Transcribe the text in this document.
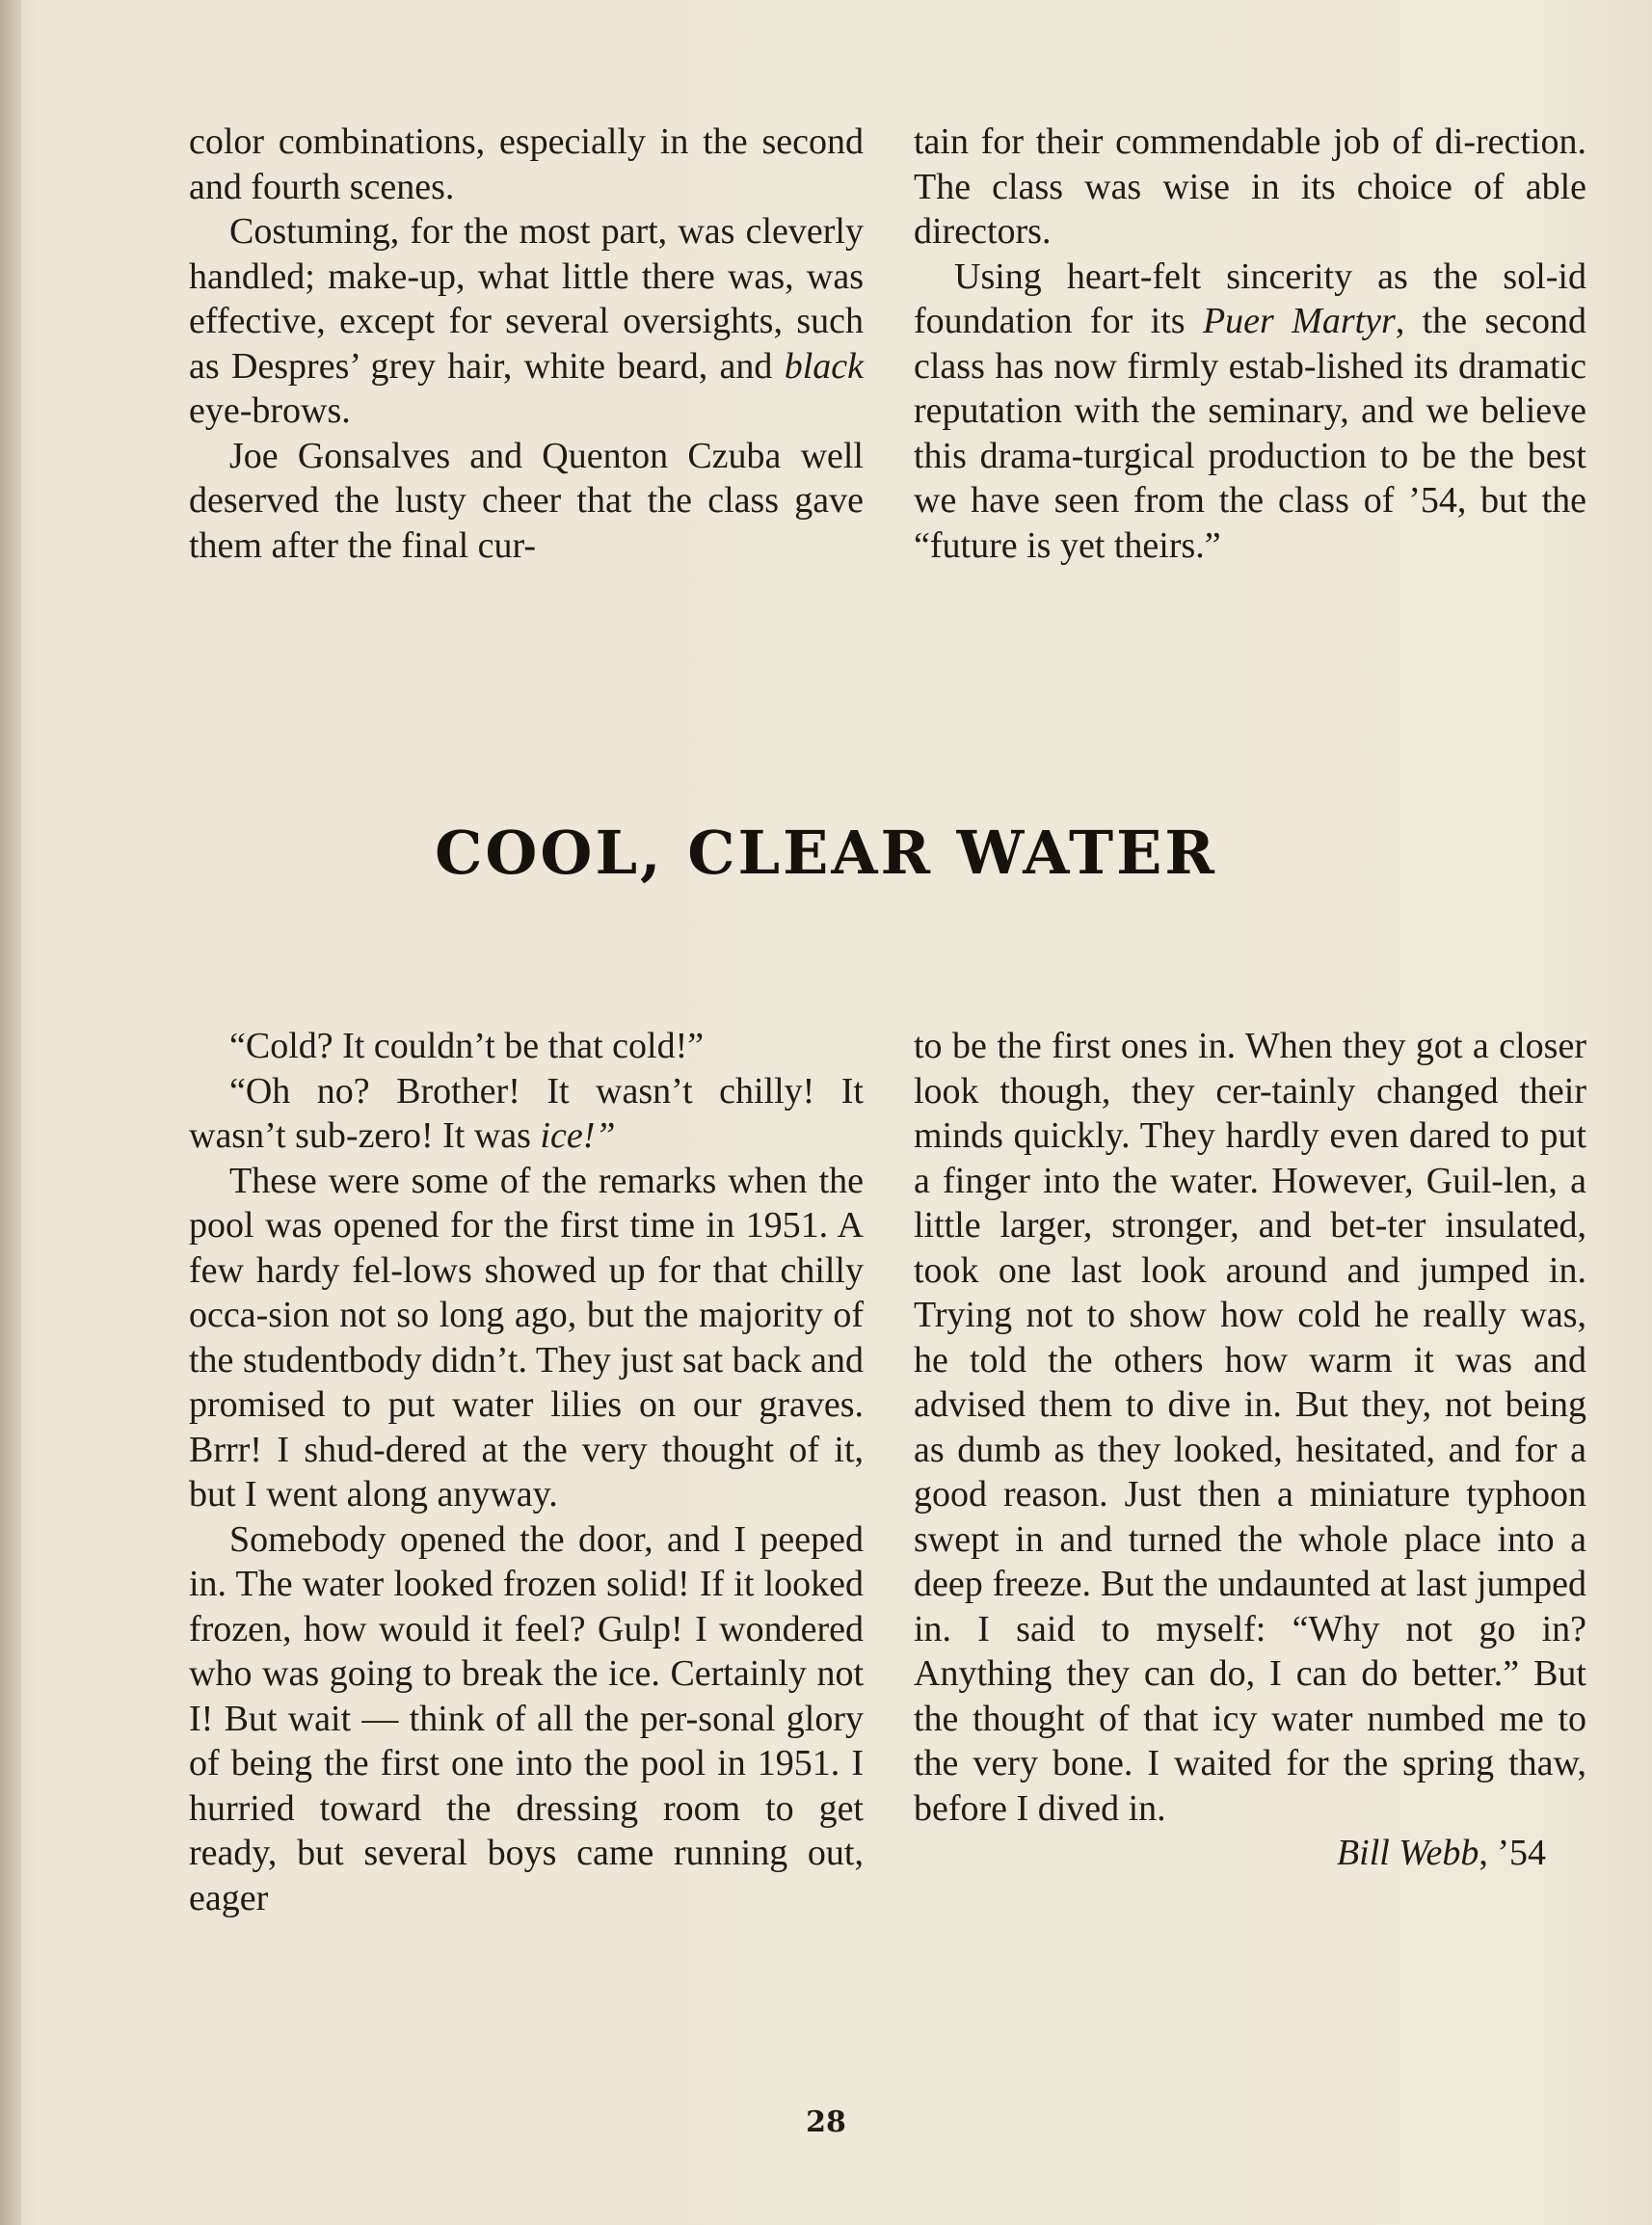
color combinations, especially in the second and fourth scenes.

Costuming, for the most part, was cleverly handled; make-up, what little there was, was effective, except for several oversights, such as Despres’ grey hair, white beard, and black eye-brows.

Joe Gonsalves and Quenton Czuba well deserved the lusty cheer that the class gave them after the final cur-

tain for their commendable job of di-rection. The class was wise in its choice of able directors.

Using heart-felt sincerity as the sol-id foundation for its Puer Martyr, the second class has now firmly estab-lished its dramatic reputation with the seminary, and we believe this drama-turgical production to be the best we have seen from the class of ’54, but the “future is yet theirs.”

COOL, CLEAR WATER

“Cold? It couldn’t be that cold!”

“Oh no? Brother! It wasn’t chilly! It wasn’t sub-zero! It was ice!”

These were some of the remarks when the pool was opened for the first time in 1951. A few hardy fel-lows showed up for that chilly occa-sion not so long ago, but the majority of the studentbody didn’t. They just sat back and promised to put water lilies on our graves. Brrr! I shud-dered at the very thought of it, but I went along anyway.

Somebody opened the door, and I peeped in. The water looked frozen solid! If it looked frozen, how would it feel? Gulp! I wondered who was going to break the ice. Certainly not I! But wait — think of all the per-sonal glory of being the first one into the pool in 1951. I hurried toward the dressing room to get ready, but several boys came running out, eager

to be the first ones in. When they got a closer look though, they cer-tainly changed their minds quickly. They hardly even dared to put a finger into the water. However, Guil-len, a little larger, stronger, and bet-ter insulated, took one last look around and jumped in. Trying not to show how cold he really was, he told the others how warm it was and advised them to dive in. But they, not being as dumb as they looked, hesitated, and for a good reason. Just then a miniature typhoon swept in and turned the whole place into a deep freeze. But the undaunted at last jumped in. I said to myself: “Why not go in? Anything they can do, I can do better.” But the thought of that icy water numbed me to the very bone. I waited for the spring thaw, before I dived in.

Bill Webb, ’54

28
